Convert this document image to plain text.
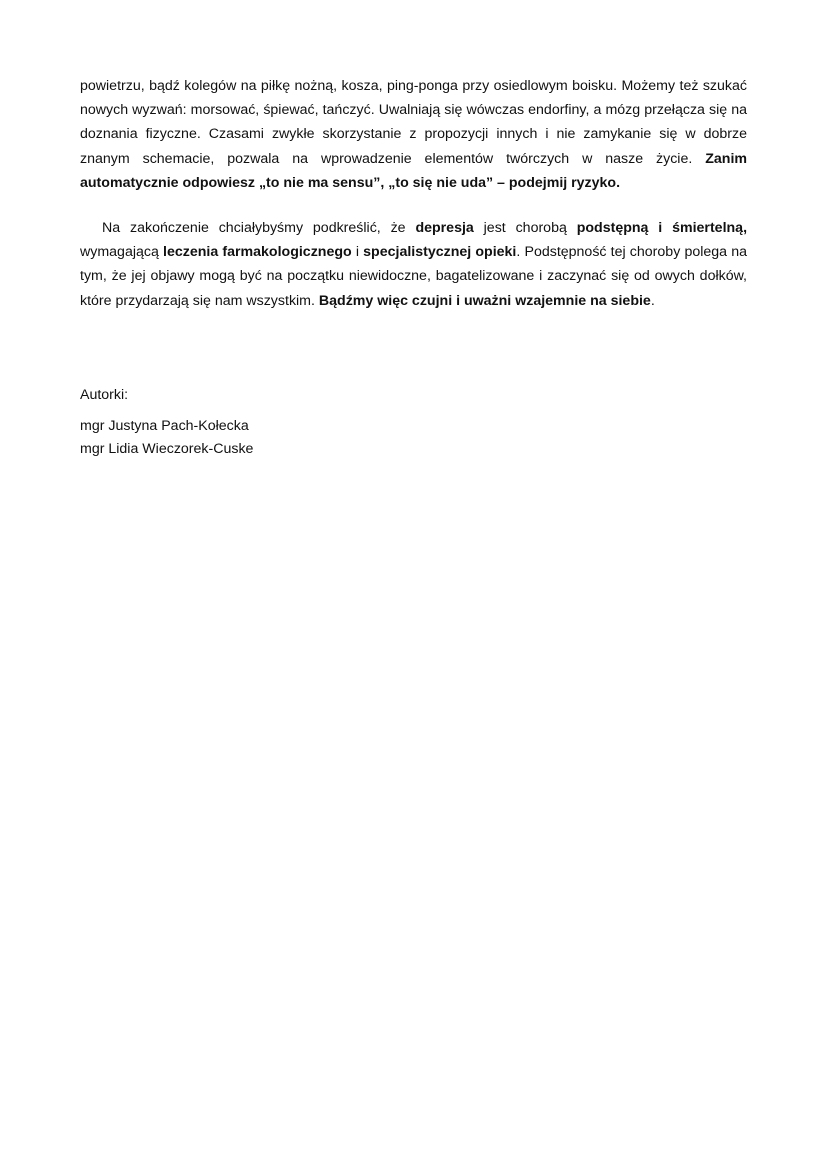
powietrzu, bądź kolegów na piłkę nożną, kosza, ping-ponga przy osiedlowym boisku. Możemy też szukać nowych wyzwań: morsować, śpiewać, tańczyć. Uwalniają się wówczas endorfiny, a mózg przełącza się na doznania fizyczne. Czasami zwykłe skorzystanie z propozycji innych i nie zamykanie się w dobrze znanym schemacie, pozwala na wprowadzenie elementów twórczych w nasze życie. Zanim automatycznie odpowiesz „to nie ma sensu”, „to się nie uda” – podejmij ryzyko.

Na zakończenie chciałybyśmy podkreślić, że depresja jest chorobą podstępną i śmiertelną, wymagającą leczenia farmakologicznego i specjalistycznej opieki. Podstępność tej choroby polega na tym, że jej objawy mogą być na początku niewidoczne, bagatelizowane i zaczynać się od owych dołków, które przydarzają się nam wszystkim. Bądźmy więc czujni i uważni wzajemnie na siebie.

Autorki:

mgr Justyna Pach-Kołecka

mgr Lidia Wieczorek-Cuske
